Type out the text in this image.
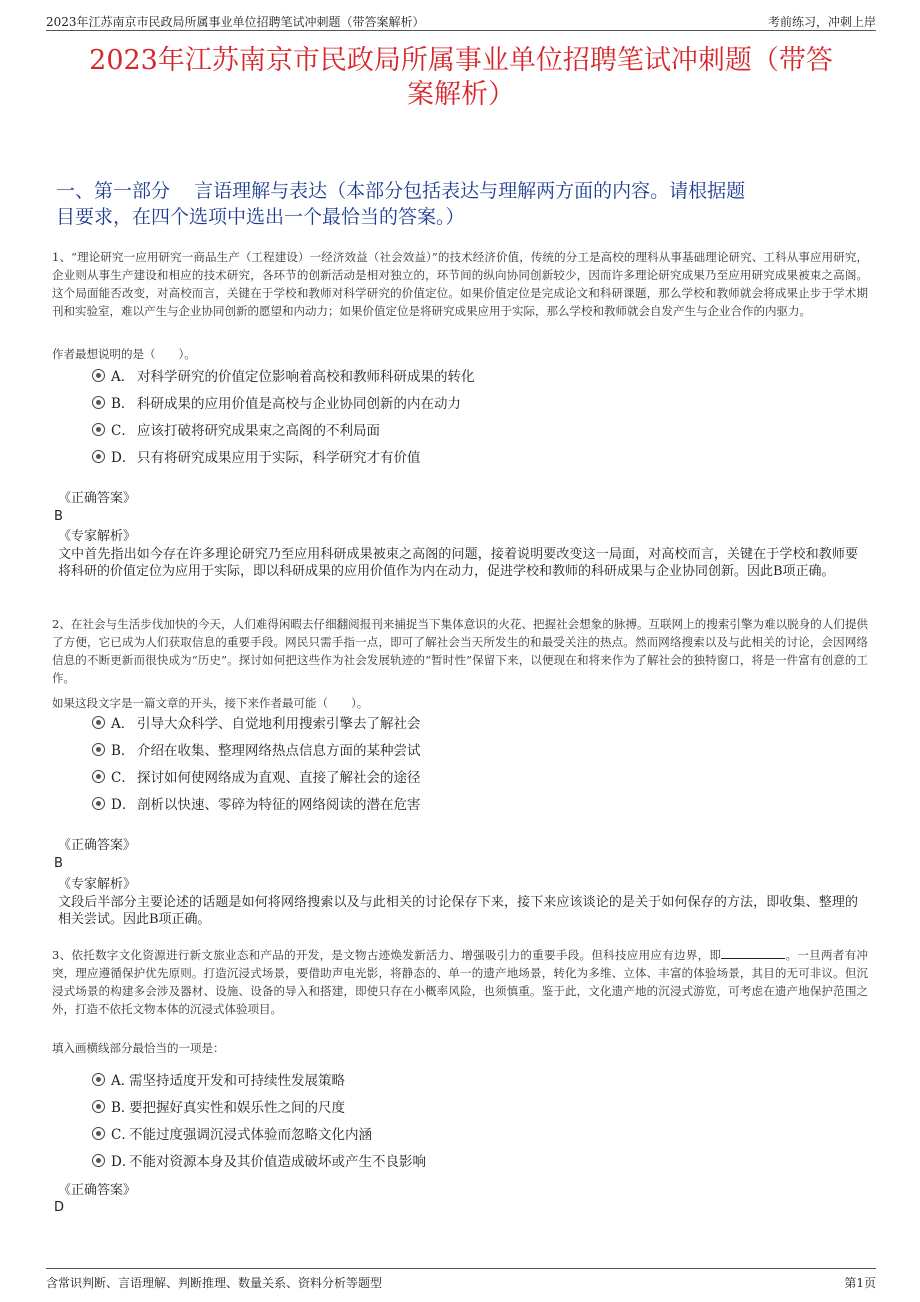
2023年江苏南京市民政局所属事业单位招聘笔试冲刺题（带答案解析）	考前练习，冲刺上岸
2023年江苏南京市民政局所属事业单位招聘笔试冲刺题（带答
案解析）
一、第一部分    言语理解与表达（本部分包括表达与理解两方面的内容。请根据题
目要求，在四个选项中选出一个最恰当的答案。）
1、“理论研究一应用研究一商品生产（工程建设）一经济效益（社会效益）”的技术经济价值，传统的分工是高校的理科从事基础理论研究、工科从事应用研究，企业则从事生产建设和相应的技术研究，各环节的创新活动是相对独立的，环节间的纵向协同创新较少，因而许多理论研究成果乃至应用研究成果被束之高阁。这个局面能否改变，对高校而言，关键在于学校和教师对科学研究的价值定位。如果价值定位是完成论文和科研课题，那么学校和教师就会将成果止步于学术期刊和实验室，难以产生与企业协同创新的愿望和内动力；如果价值定位是将研究成果应用于实际，那么学校和教师就会自发产生与企业合作的内驱力。
作者最想说明的是（　　）。
A． 对科学研究的价值定位影响着高校和教师科研成果的转化
B． 科研成果的应用价值是高校与企业协同创新的内在动力
C． 应该打破将研究成果束之高阁的不利局面
D． 只有将研究成果应用于实际，科学研究才有价值
《正确答案》
B
《专家解析》
文中首先指出如今存在许多理论研究乃至应用科研成果被束之高阁的问题，接着说明要改变这一局面，对高校而言，关键在于学校和教师要将科研的价值定位为应用于实际，即以科研成果的应用价值作为内在动力，促进学校和教师的科研成果与企业协同创新。因此B项正确。
2、在社会与生活步伐加快的今天，人们难得闲暇去仔细翻阅报刊来捕捉当下集体意识的火花、把握社会想象的脉搏。互联网上的搜索引擎为难以脱身的人们提供了方便，它已成为人们获取信息的重要手段。网民只需手指一点，即可了解社会当天所发生的和最受关注的热点。然而网络搜索以及与此相关的讨论，会因网络信息的不断更新而很快成为“历史”。探讨如何把这些作为社会发展轨迹的“暂时性”保留下来，以便现在和将来作为了解社会的独特窗口，将是一件富有创意的工作。
如果这段文字是一篇文章的开头，接下来作者最可能（　　）。
A． 引导大众科学、自觉地利用搜索引擎去了解社会
B． 介绍在收集、整理网络热点信息方面的某种尝试
C． 探讨如何使网络成为直观、直接了解社会的途径
D． 剖析以快速、零碎为特征的网络阅读的潜在危害
《正确答案》
B
《专家解析》
文段后半部分主要论述的话题是如何将网络搜索以及与此相关的讨论保存下来，接下来应该谈论的是关于如何保存的方法，即收集、整理的相关尝试。因此B项正确。
3、依托数字文化资源进行新文旅业态和产品的开发，是文物古迹焕发新活力、增强吸引力的重要手段。但科技应用应有边界，即	。一旦两者有冲突，理应遵循保护优先原则。打造沉浸式场景，要借助声电光影，将静态的、单一的遗产地场景，转化为多维、立体、丰富的体验场景，其目的无可非议。但沉浸式场景的构建多会涉及器材、设施、设备的导入和搭建，即使只存在小概率风险，也须慎重。鉴于此，文化遗产地的沉浸式游览，可考虑在遗产地保护范围之外，打造不依托文物本体的沉浸式体验项目。
填入画横线部分最恰当的一项是：
A．需坚持适度开发和可持续性发展策略
B．要把握好真实性和娱乐性之间的尺度
C．不能过度强调沉浸式体验而忽略文化内涵
D．不能对资源本身及其价值造成破坏或产生不良影响
《正确答案》
D
含常识判断、言语理解、判断推理、数量关系、资料分析等题型	第1页
